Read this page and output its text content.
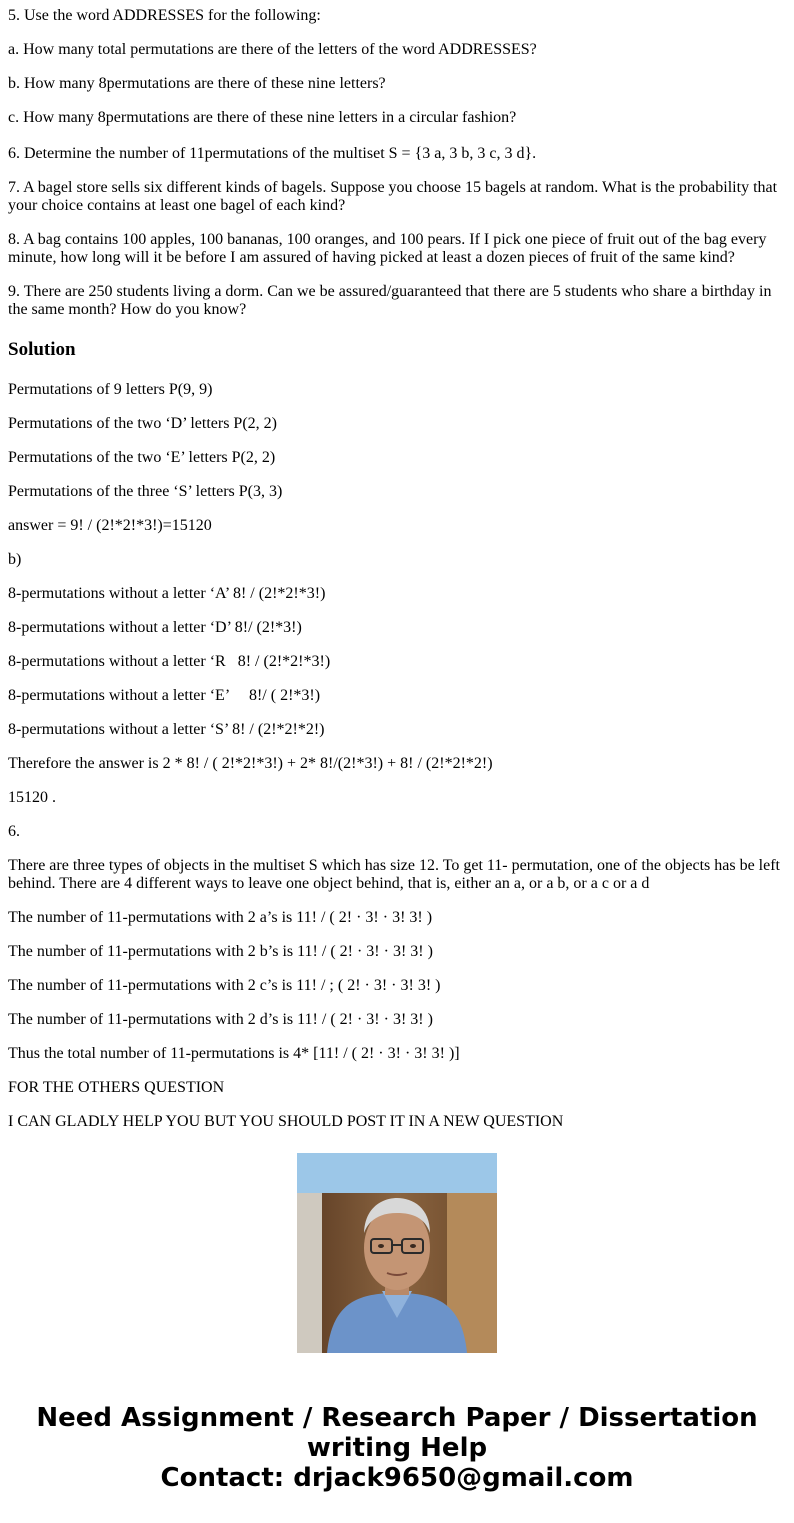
5. Use the word ADDRESSES for the following:

a. How many total permutations are there of the letters of the word ADDRESSES?

b. How many 8permutations are there of these nine letters?

c. How many 8permutations are there of these nine letters in a circular fashion?

6. Determine the number of 11permutations of the multiset S = {3 a, 3 b, 3 c, 3 d}.

7. A bagel store sells six different kinds of bagels. Suppose you choose 15 bagels at random. What is the probability that your choice contains at least one bagel of each kind?

8. A bag contains 100 apples, 100 bananas, 100 oranges, and 100 pears. If I pick one piece of fruit out of the bag every minute, how long will it be before I am assured of having picked at least a dozen pieces of fruit of the same kind?

9. There are 250 students living a dorm. Can we be assured/guaranteed that there are 5 students who share a birthday in the same month? How do you know?

Solution

Permutations of 9 letters P(9, 9)

Permutations of the two ‘D’ letters P(2, 2)

Permutations of the two ‘E’ letters P(2, 2)

Permutations of the three ‘S’ letters P(3, 3)

answer = 9! / (2!*2!*3!)=15120

b)

8-permutations without a letter ‘A’ 8! / (2!*2!*3!)

8-permutations without a letter ‘D’ 8!/ (2!*3!)

8-permutations without a letter ‘R   8! / (2!*2!*3!)

8-permutations without a letter ‘E’     8!/ ( 2!*3!)

8-permutations without a letter ‘S’ 8! / (2!*2!*2!)

Therefore the answer is 2 * 8! / ( 2!*2!*3!) + 2* 8!/(2!*3!) + 8! / (2!*2!*2!)

15120 .

6.

There are three types of objects in the multiset S which has size 12. To get 11- permutation, one of the objects has be left behind. There are 4 different ways to leave one object behind, that is, either an a, or a b, or a c or a d

The number of 11-permutations with 2 a’s is 11! / ( 2! · 3! · 3! 3! )

The number of 11-permutations with 2 b’s is 11! / ( 2! · 3! · 3! 3! )

The number of 11-permutations with 2 c’s is 11! / ; ( 2! · 3! · 3! 3! )

The number of 11-permutations with 2 d’s is 11! / ( 2! · 3! · 3! 3! )

Thus the total number of 11-permutations is 4* [11! / ( 2! · 3! · 3! 3! )]

FOR THE OTHERS QUESTION

I CAN GLADLY HELP YOU BUT YOU SHOULD POST IT IN A NEW QUESTION

Need Assignment / Research Paper / Dissertation
writing Help
Contact: drjack9650@gmail.com
